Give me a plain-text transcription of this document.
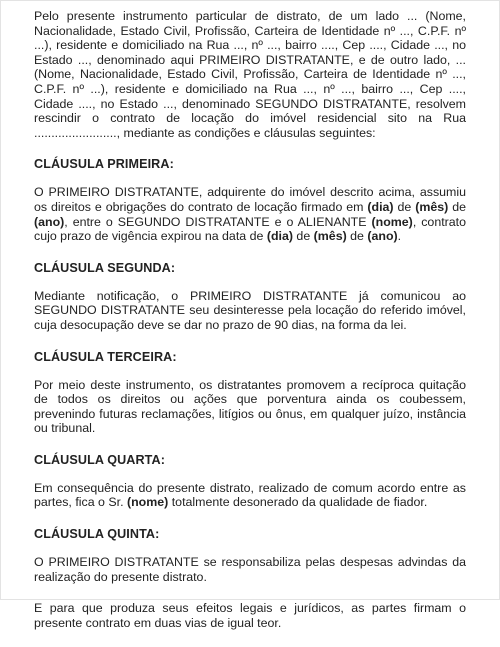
Pelo presente instrumento particular de distrato, de um lado ... (Nome, Nacionalidade, Estado Civil, Profissão, Carteira de Identidade nº ..., C.P.F. nº ...), residente e domiciliado na Rua ..., nº ..., bairro ...., Cep ...., Cidade ..., no Estado ..., denominado aqui PRIMEIRO DISTRATANTE, e de outro lado, ... (Nome, Nacionalidade, Estado Civil, Profissão, Carteira de Identidade nº ..., C.P.F. nº ...), residente e domiciliado na Rua ..., nº ..., bairro ..., Cep ...., Cidade ...., no Estado ..., denominado SEGUNDO DISTRATANTE, resolvem rescindir o contrato de locação do imóvel residencial sito na Rua ........................, mediante as condições e cláusulas seguintes:

CLÁUSULA PRIMEIRA:

O PRIMEIRO DISTRATANTE, adquirente do imóvel descrito acima, assumiu os direitos e obrigações do contrato de locação firmado em (dia) de (mês) de (ano), entre o SEGUNDO DISTRATANTE e o ALIENANTE (nome), contrato cujo prazo de vigência expirou na data de (dia) de (mês) de (ano).

CLÁUSULA SEGUNDA:

Mediante notificação, o PRIMEIRO DISTRATANTE já comunicou ao SEGUNDO DISTRATANTE seu desinteresse pela locação do referido imóvel, cuja desocupação deve se dar no prazo de 90 dias, na forma da lei.

CLÁUSULA TERCEIRA:

Por meio deste instrumento, os distratantes promovem a recíproca quitação de todos os direitos ou ações que porventura ainda os coubessem, prevenindo futuras reclamações, litígios ou ônus, em qualquer juízo, instância ou tribunal.

CLÁUSULA QUARTA:

Em consequência do presente distrato, realizado de comum acordo entre as partes, fica o Sr. (nome) totalmente desonerado da qualidade de fiador.

CLÁUSULA QUINTA:

O PRIMEIRO DISTRATANTE se responsabiliza pelas despesas advindas da realização do presente distrato.

E para que produza seus efeitos legais e jurídicos, as partes firmam o presente contrato em duas vias de igual teor.
